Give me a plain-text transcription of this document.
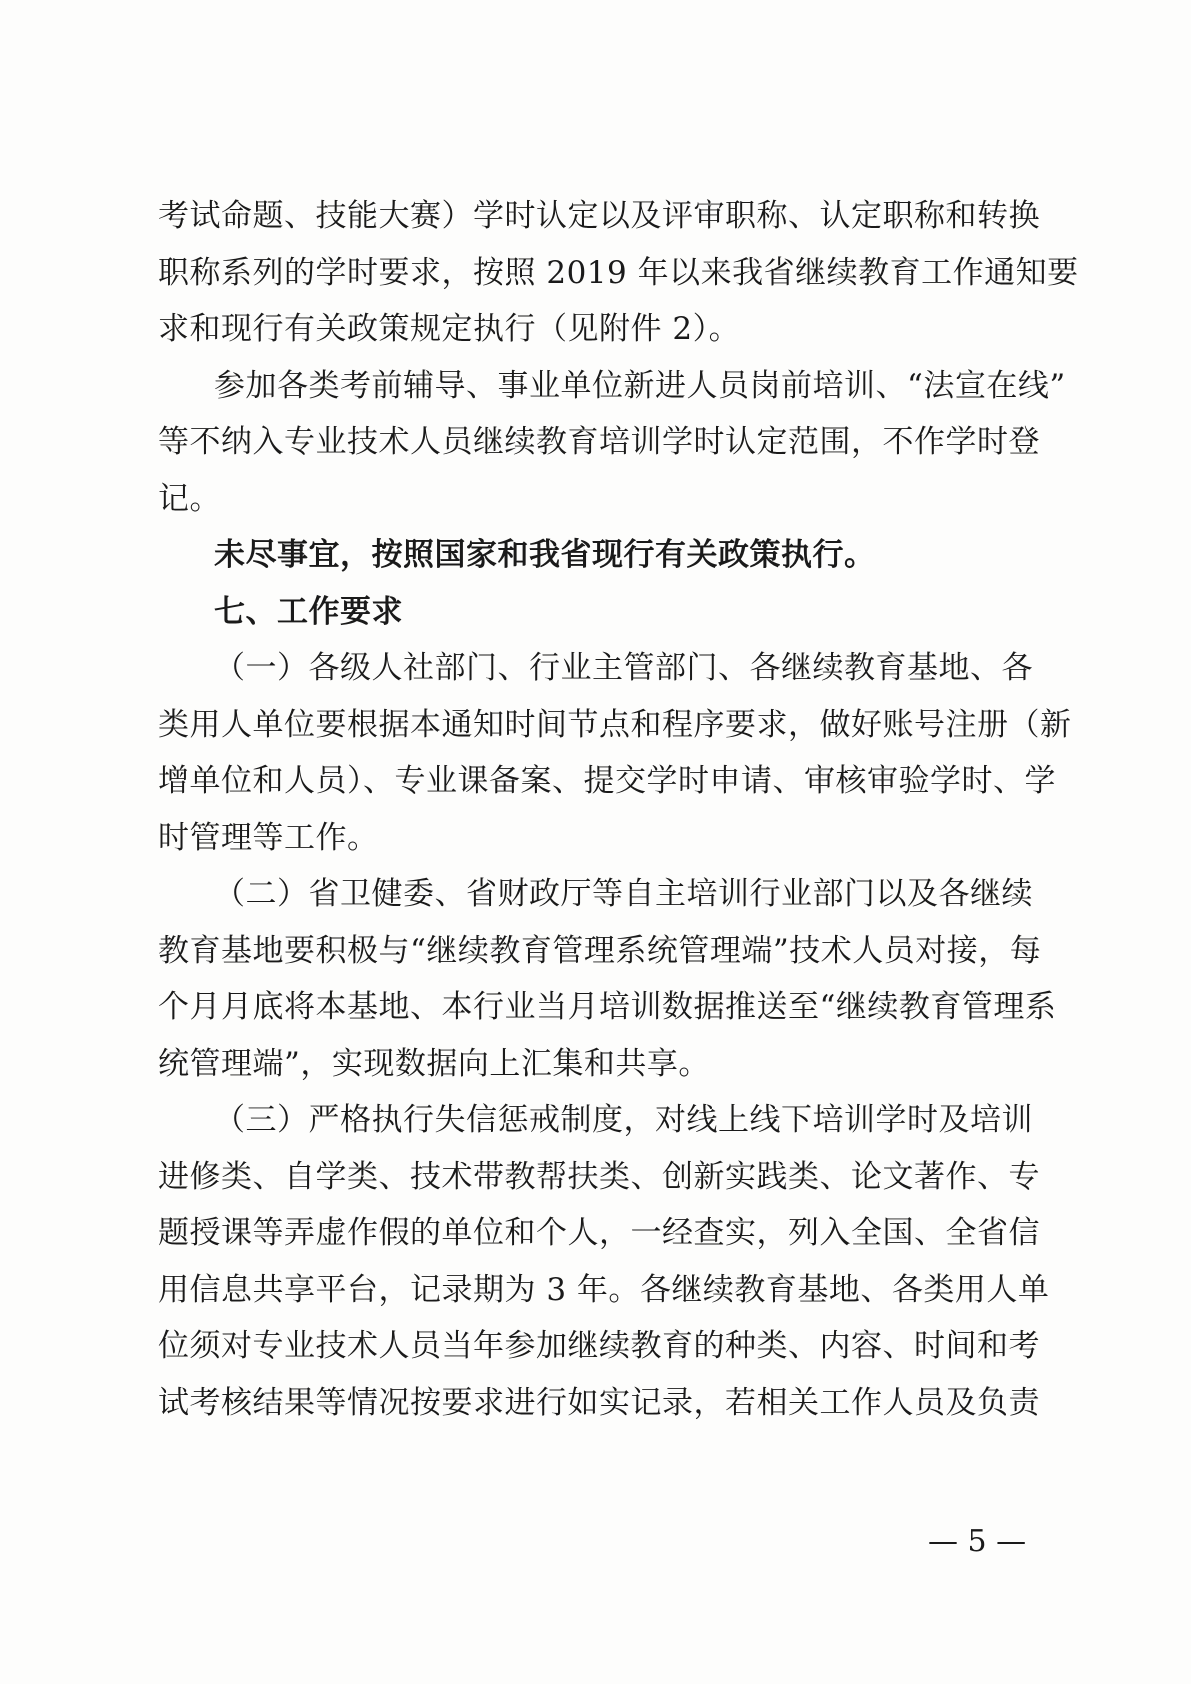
考试命题、技能大赛）学时认定以及评审职称、认定职称和转换
职称系列的学时要求，按照 2019 年以来我省继续教育工作通知要
求和现行有关政策规定执行（见附件 2）。
参加各类考前辅导、事业单位新进人员岗前培训、“法宣在线”
等不纳入专业技术人员继续教育培训学时认定范围，不作学时登
记。
未尽事宜，按照国家和我省现行有关政策执行。
七、工作要求
（一）各级人社部门、行业主管部门、各继续教育基地、各
类用人单位要根据本通知时间节点和程序要求，做好账号注册（新
增单位和人员）、专业课备案、提交学时申请、审核审验学时、学
时管理等工作。
（二）省卫健委、省财政厅等自主培训行业部门以及各继续
教育基地要积极与“继续教育管理系统管理端”技术人员对接，每
个月月底将本基地、本行业当月培训数据推送至“继续教育管理系
统管理端”，实现数据向上汇集和共享。
（三）严格执行失信惩戒制度，对线上线下培训学时及培训
进修类、自学类、技术带教帮扶类、创新实践类、论文著作、专
题授课等弄虚作假的单位和个人，一经查实，列入全国、全省信
用信息共享平台，记录期为 3 年。各继续教育基地、各类用人单
位须对专业技术人员当年参加继续教育的种类、内容、时间和考
试考核结果等情况按要求进行如实记录，若相关工作人员及负责
— 5 —
